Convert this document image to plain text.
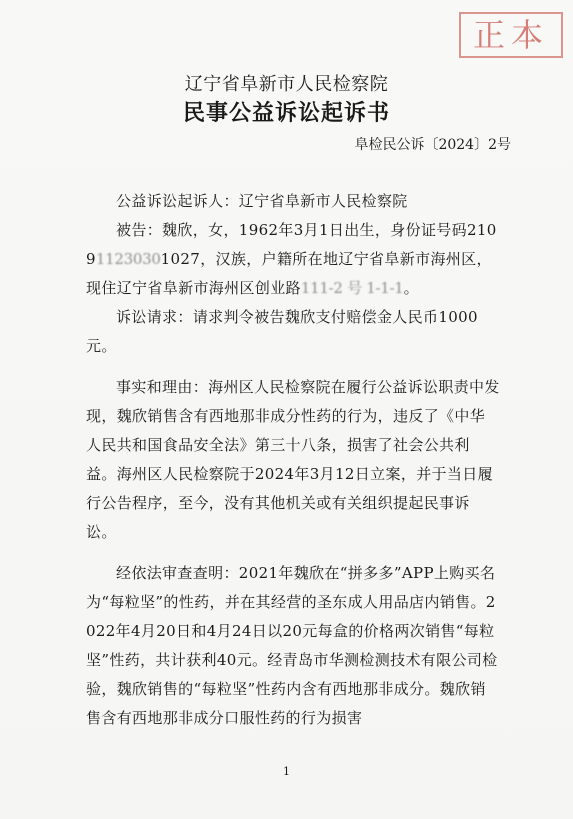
正本
辽宁省阜新市人民检察院
民事公益诉讼起诉书
阜检民公诉〔2024〕2号

公益诉讼起诉人：辽宁省阜新市人民检察院

被告：魏欣，女，1962年3月1日出生，身份证号码210911230301027，汉族，户籍所在地辽宁省阜新市海州区，现住辽宁省阜新市海州区创业路111-2 号 1-1-1。

诉讼请求：请求判令被告魏欣支付赔偿金人民币1000元。

事实和理由：海州区人民检察院在履行公益诉讼职责中发现，魏欣销售含有西地那非成分性药的行为，违反了《中华人民共和国食品安全法》第三十八条，损害了社会公共利益。海州区人民检察院于2024年3月12日立案，并于当日履行公告程序，至今，没有其他机关或有关组织提起民事诉讼。

经依法审查查明：2021年魏欣在“拼多多”APP上购买名为“每粒坚”的性药，并在其经营的圣东成人用品店内销售。2022年4月20日和4月24日以20元每盒的价格两次销售“每粒坚”性药，共计获利40元。经青岛市华测检测技术有限公司检验，魏欣销售的“每粒坚”性药内含有西地那非成分。魏欣销售含有西地那非成分口服性药的行为损害

1
